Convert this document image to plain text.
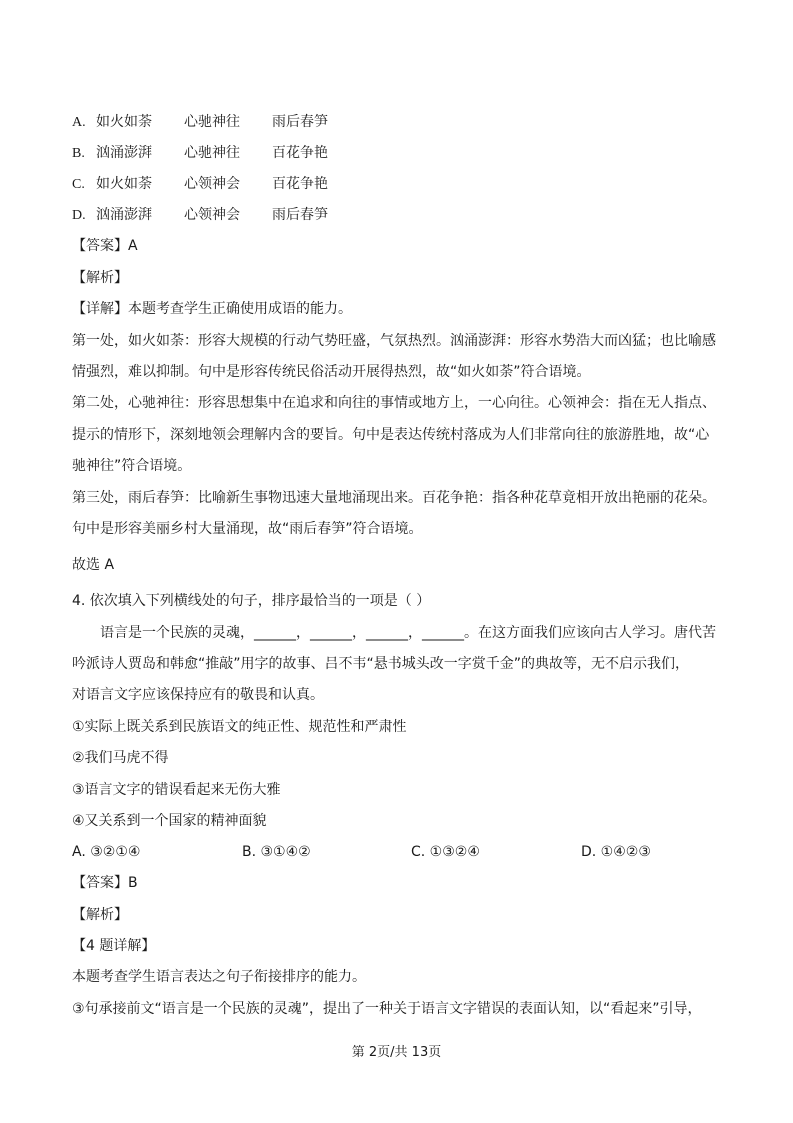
A. 如火如荼 心驰神往 雨后春笋
B. 汹涌澎湃 心驰神往 百花争艳
C. 如火如荼 心领神会 百花争艳
D. 汹涌澎湃 心领神会 雨后春笋
【答案】A
【解析】
【详解】本题考查学生正确使用成语的能力。
第一处，如火如荼：形容大规模的行动气势旺盛，气氛热烈。汹涌澎湃：形容水势浩大而凶猛；也比喻感
情强烈，难以抑制。句中是形容传统民俗活动开展得热烈，故“如火如荼”符合语境。
第二处，心驰神往：形容思想集中在追求和向往的事情或地方上，一心向往。心领神会：指在无人指点、
提示的情形下，深刻地领会理解内含的要旨。句中是表达传统村落成为人们非常向往的旅游胜地，故“心
驰神往”符合语境。
第三处，雨后春笋：比喻新生事物迅速大量地涌现出来。百花争艳：指各种花草竟相开放出艳丽的花朵。
句中是形容美丽乡村大量涌现，故“雨后春笋”符合语境。
故选 A
4. 依次填入下列横线处的句子，排序最恰当的一项是（ ）
语言是一个民族的灵魂，______，______，______，______。在这方面我们应该向古人学习。唐代苦
吟派诗人贾岛和韩愈“推敲”用字的故事、吕不韦“悬书城头改一字赏千金”的典故等，无不启示我们，
对语言文字应该保持应有的敬畏和认真。
①实际上既关系到民族语文的纯正性、规范性和严肃性
②我们马虎不得
③语言文字的错误看起来无伤大雅
④又关系到一个国家的精神面貌
A. ③②①④	B. ③①④②	C. ①③②④	D. ①④②③
【答案】B
【解析】
【4 题详解】
本题考查学生语言表达之句子衔接排序的能力。
③句承接前文“语言是一个民族的灵魂”，提出了一种关于语言文字错误的表面认知，以“看起来”引导，
第 2页/共 13页
